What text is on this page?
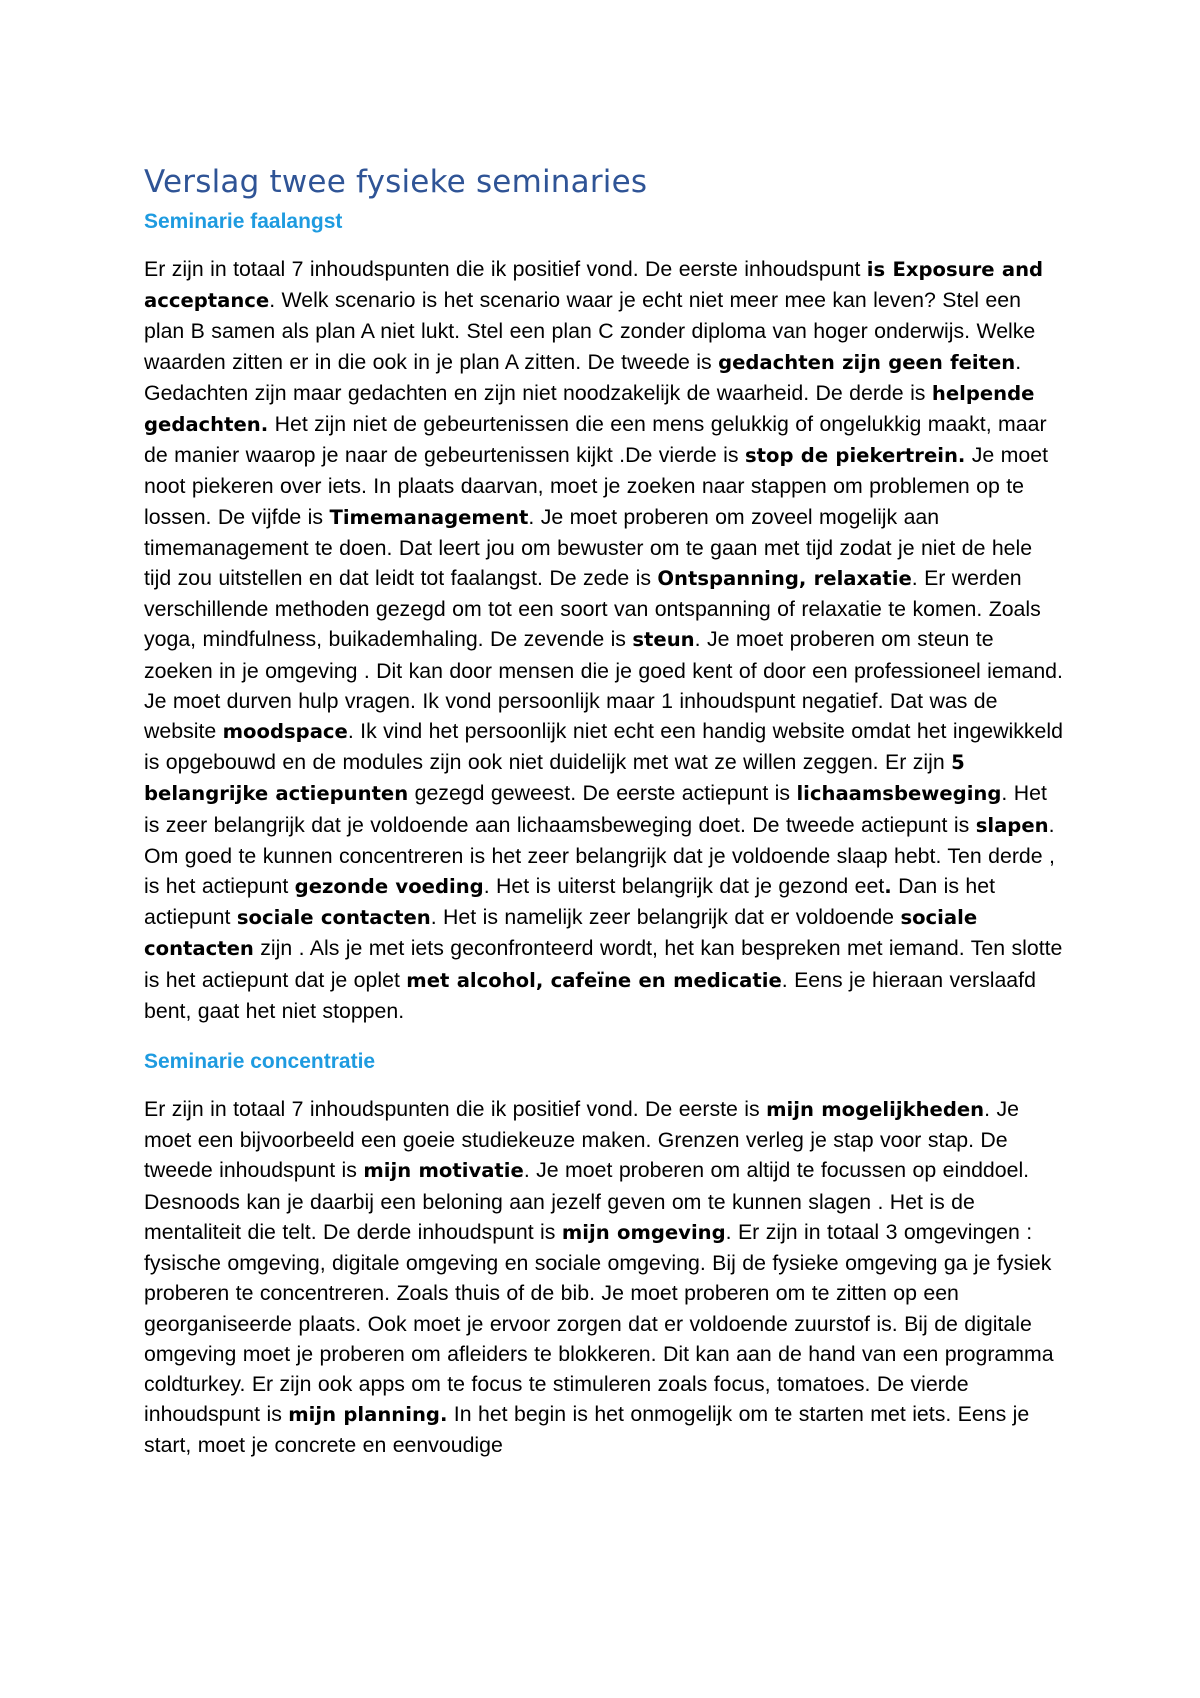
Verslag twee fysieke seminaries
Seminarie faalangst

Er zijn in totaal 7 inhoudspunten die ik positief vond. De eerste inhoudspunt is Exposure and acceptance. Welk scenario is het scenario waar je echt niet meer mee kan leven? Stel een plan B samen als plan A niet lukt. Stel een plan C zonder diploma van hoger onderwijs. Welke waarden zitten er in die ook in je plan A zitten. De tweede is gedachten zijn geen feiten. Gedachten zijn maar gedachten en zijn niet noodzakelijk de waarheid. De derde is helpende gedachten. Het zijn niet de gebeurtenissen die een mens gelukkig of ongelukkig maakt, maar de manier waarop je naar de gebeurtenissen kijkt .De vierde is stop de piekertrein. Je moet noot piekeren over iets. In plaats daarvan, moet je zoeken naar stappen om problemen op te lossen. De vijfde is Timemanagement. Je moet proberen om zoveel mogelijk aan timemanagement te doen. Dat leert jou om bewuster om te gaan met tijd zodat je niet de hele tijd zou uitstellen en dat leidt tot faalangst. De zede is Ontspanning, relaxatie. Er werden verschillende methoden gezegd om tot een soort van ontspanning of relaxatie te komen. Zoals yoga, mindfulness, buikademhaling. De zevende is steun. Je moet proberen om steun te zoeken in je omgeving . Dit kan door mensen die je goed kent of door een professioneel iemand. Je moet durven hulp vragen. Ik vond persoonlijk maar 1 inhoudspunt negatief. Dat was de website moodspace. Ik vind het persoonlijk niet echt een handig website omdat het ingewikkeld is opgebouwd en de modules zijn ook niet duidelijk met wat ze willen zeggen. Er zijn 5 belangrijke actiepunten gezegd geweest. De eerste actiepunt is lichaamsbeweging. Het is zeer belangrijk dat je voldoende aan lichaamsbeweging doet. De tweede actiepunt is slapen. Om goed te kunnen concentreren is het zeer belangrijk dat je voldoende slaap hebt. Ten derde , is het actiepunt gezonde voeding. Het is uiterst belangrijk dat je gezond eet. Dan is het actiepunt sociale contacten. Het is namelijk zeer belangrijk dat er voldoende sociale contacten zijn . Als je met iets geconfronteerd wordt, het kan bespreken met iemand. Ten slotte is het actiepunt dat je oplet met alcohol, cafeïne en medicatie. Eens je hieraan verslaafd bent, gaat het niet stoppen.

Seminarie concentratie

Er zijn in totaal 7 inhoudspunten die ik positief vond. De eerste is mijn mogelijkheden. Je moet een bijvoorbeeld een goeie studiekeuze maken. Grenzen verleg je stap voor stap. De tweede inhoudspunt is mijn motivatie. Je moet proberen om altijd te focussen op einddoel. Desnoods kan je daarbij een beloning aan jezelf geven om te kunnen slagen . Het is de mentaliteit die telt. De derde inhoudspunt is mijn omgeving. Er zijn in totaal 3 omgevingen : fysische omgeving, digitale omgeving en sociale omgeving. Bij de fysieke omgeving ga je fysiek proberen te concentreren. Zoals thuis of de bib. Je moet proberen om te zitten op een georganiseerde plaats. Ook moet je ervoor zorgen dat er voldoende zuurstof is. Bij de digitale omgeving moet je proberen om afleiders te blokkeren. Dit kan aan de hand van een programma coldturkey. Er zijn ook apps om te focus te stimuleren zoals focus, tomatoes. De vierde inhoudspunt is mijn planning. In het begin is het onmogelijk om te starten met iets. Eens je start, moet je concrete en eenvoudige
